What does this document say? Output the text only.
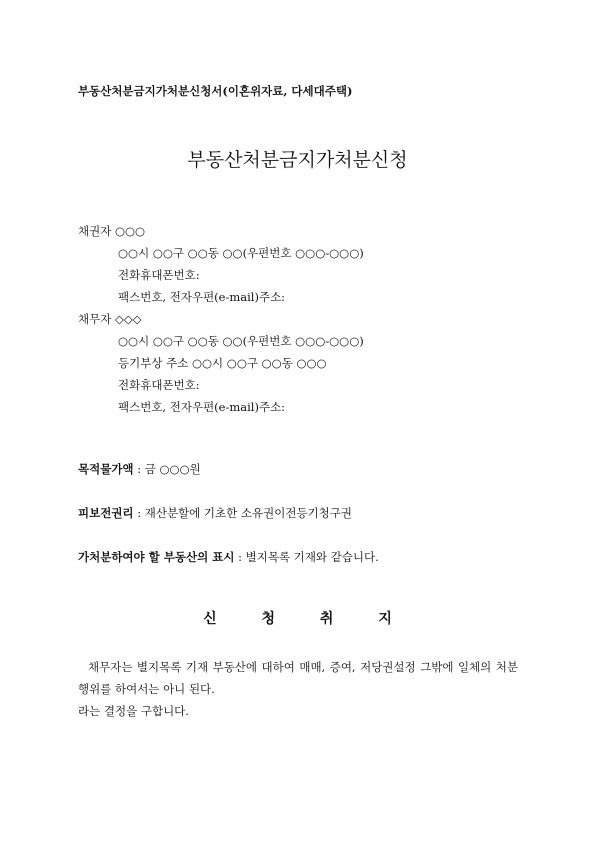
부동산처분금지가처분신청서(이혼위자료, 다세대주택)
부동산처분금지가처분신청
채권자 ○○○
○○시 ○○구 ○○동 ○○(우편번호 ○○○-○○○)
전화휴대폰번호:
팩스번호, 전자우편(e-mail)주소:
채무자 ◇◇◇
○○시 ○○구 ○○동 ○○(우편번호 ○○○-○○○)
등기부상 주소 ○○시 ○○구 ○○동 ○○○
전화휴대폰번호:
팩스번호, 전자우편(e-mail)주소:
목적물가액 : 금 ○○○원
피보전권리 : 재산분할에 기초한 소유권이전등기청구권
가처분하여야 할 부동산의 표시 : 별지목록 기재와 같습니다.
신 청 취 지
채무자는 별지목록 기재 부동산에 대하여 매매, 증여, 저당권설정 그밖에 일체의 처분행위를 하여서는 아니 된다.
라는 결정을 구합니다.
